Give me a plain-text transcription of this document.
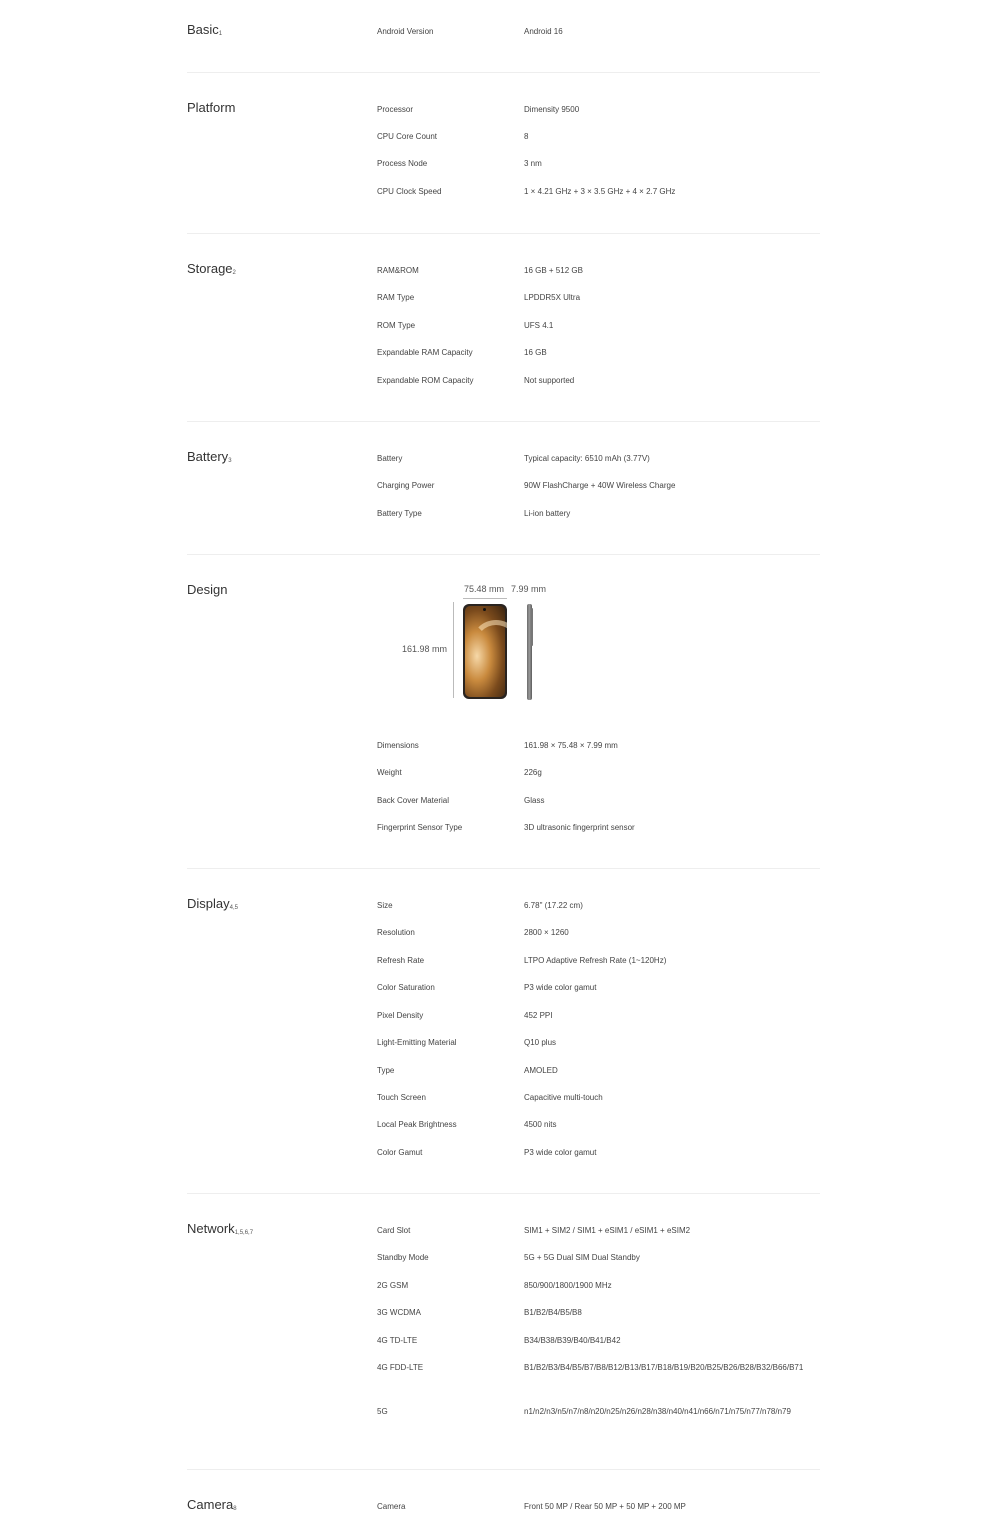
Basic$^1$	Android Version	Android 16
Platform	Processor	Dimensity 9500
CPU Core Count	8
Process Node	3 nm
CPU Clock Speed	1 × 4.21 GHz + 3 × 3.5 GHz + 4 × 2.7 GHz
Storage$^2$	RAM&ROM	16 GB + 512 GB
RAM Type	LPDDR5X Ultra
ROM Type	UFS 4.1
Expandable RAM Capacity	16 GB
Expandable ROM Capacity	Not supported
Battery$^3$	Battery	Typical capacity: 6510 mAh (3.77V)
Charging Power	90W FlashCharge + 40W Wireless Charge
Battery Type	Li-ion battery
Design	75.48 mm 7.99 mm
161.98 mm
Dimensions	161.98 × 75.48 × 7.99 mm
Weight	226g
Back Cover Material	Glass
Fingerprint Sensor Type	3D ultrasonic fingerprint sensor
Display$^{4,5}$	Size	6.78" (17.22 cm)
Resolution	2800 × 1260
Refresh Rate	LTPO Adaptive Refresh Rate (1~120Hz)
Color Saturation	P3 wide color gamut
Pixel Density	452 PPI
Light-Emitting Material	Q10 plus
Type	AMOLED
Touch Screen	Capacitive multi-touch
Local Peak Brightness	4500 nits
Color Gamut	P3 wide color gamut
Network$^{1,5,6,7}$	Card Slot	SIM1 + SIM2 / SIM1 + eSIM1 / eSIM1 + eSIM2
Standby Mode	5G + 5G Dual SIM Dual Standby
2G GSM	850/900/1800/1900 MHz
3G WCDMA	B1/B2/B4/B5/B8
4G TD-LTE	B34/B38/B39/B40/B41/B42
4G FDD-LTE	B1/B2/B3/B4/B5/B7/B8/B12/B13/B17/B18/B19/B20/B25/B26/B28/B32/B66/B71
5G	n1/n2/n3/n5/n7/n8/n20/n25/n26/n28/n38/n40/n41/n66/n71/n75/n77/n78/n79
Camera$^8$	Camera	Front 50 MP / Rear 50 MP + 50 MP + 200 MP
